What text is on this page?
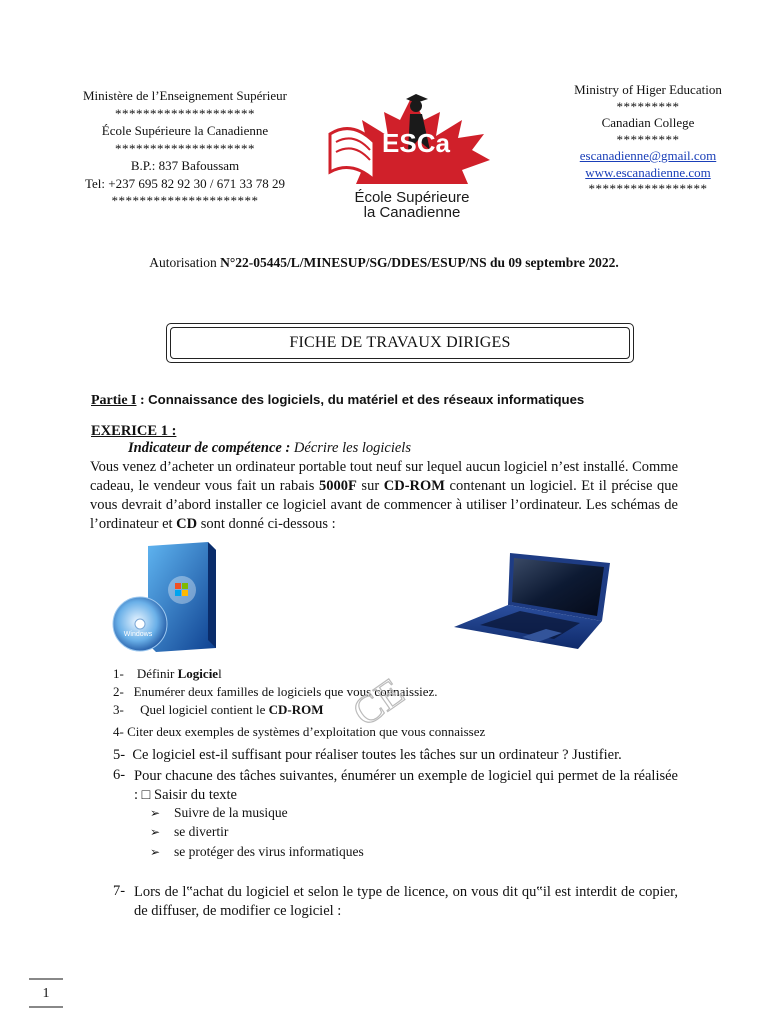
Ministère de l’Enseignement Supérieur
********************
École Supérieure la Canadienne
********************
B.P.: 837 Bafoussam
Tel: +237 695 82 92 30 / 671 33 78 29
*********************
ESCa
École Supérieure
la Canadienne
Ministry of Higer Education
*********
Canadian College
*********
escanadienne@gmail.com
www.escanadienne.com
*****************
Autorisation N°22-05445/L/MINESUP/SG/DDES/ESUP/NS du 09 septembre 2022.
FICHE DE TRAVAUX DIRIGES
Partie I : Connaissance des logiciels, du matériel et des réseaux informatiques
EXERICE 1 :
Indicateur de compétence : Décrire les logiciels
Vous venez d’acheter un ordinateur portable tout neuf sur lequel aucun logiciel n’est installé. Comme cadeau, le vendeur vous fait un rabais 5000F sur CD-ROM contenant un logiciel. Et il précise que vous devrait d’abord installer ce logiciel avant de commencer à utiliser l’ordinateur. Les schémas de l’ordinateur et CD sont donné ci-dessous :
Windows
1- Définir Logiciel
2- Enumérer deux familles de logiciels que vous connaissiez.
3- Quel logiciel contient le CD-ROM
4- Citer deux exemples de systèmes d’exploitation que vous connaissez
CE
5- Ce logiciel est-il suffisant pour réaliser toutes les tâches sur un ordinateur ? Justifier.
6- Pour chacune des tâches suivantes, énumérer un exemple de logiciel qui permet de la réalisée : □ Saisir du texte
➢ Suivre de la musique
➢ se divertir
➢ se protéger des virus informatiques
7- Lors de l‟achat du logiciel et selon le type de licence, on vous dit qu‟il est interdit de copier, de diffuser, de modifier ce logiciel :
1
